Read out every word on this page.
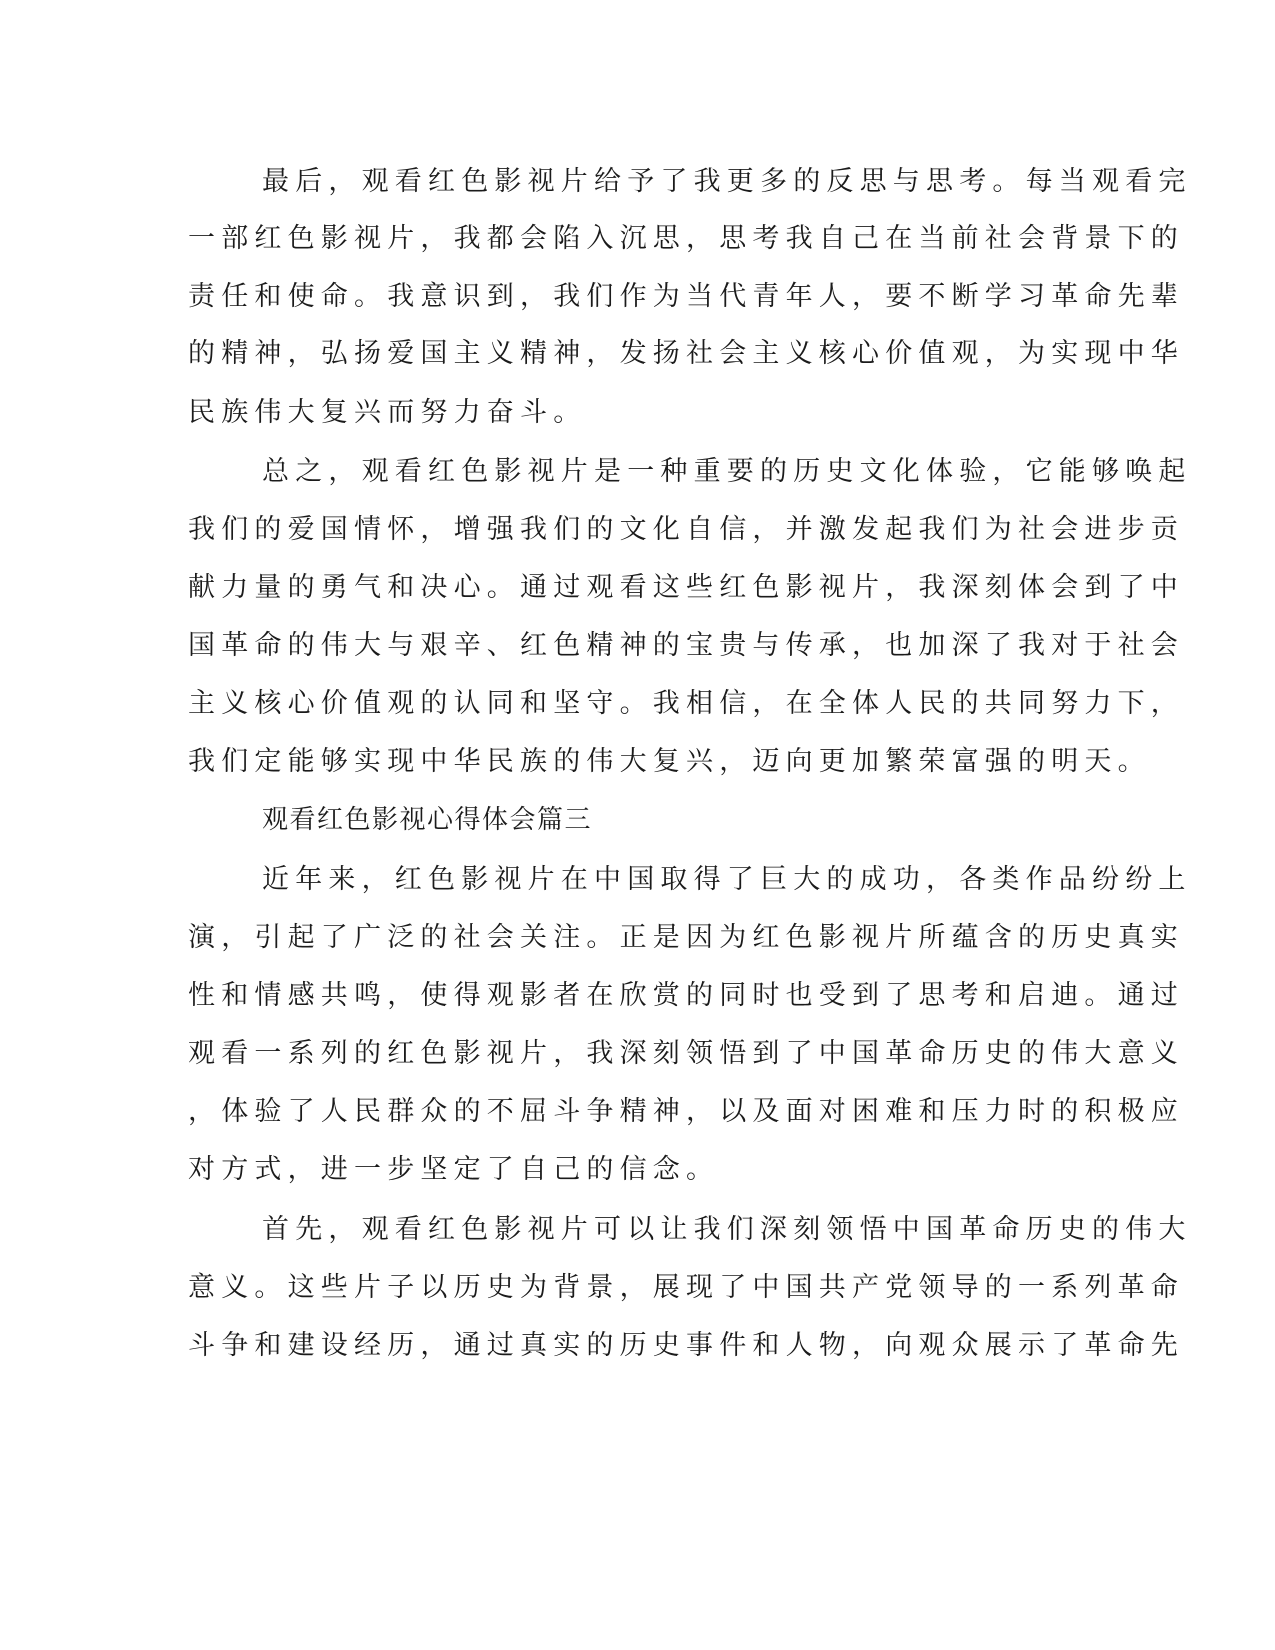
最后，观看红色影视片给予了我更多的反思与思考。每当观看完
一部红色影视片，我都会陷入沉思，思考我自己在当前社会背景下的
责任和使命。我意识到，我们作为当代青年人，要不断学习革命先辈
的精神，弘扬爱国主义精神，发扬社会主义核心价值观，为实现中华
民族伟大复兴而努力奋斗。
总之，观看红色影视片是一种重要的历史文化体验，它能够唤起
我们的爱国情怀，增强我们的文化自信，并激发起我们为社会进步贡
献力量的勇气和决心。通过观看这些红色影视片，我深刻体会到了中
国革命的伟大与艰辛、红色精神的宝贵与传承，也加深了我对于社会
主义核心价值观的认同和坚守。我相信，在全体人民的共同努力下，
我们定能够实现中华民族的伟大复兴，迈向更加繁荣富强的明天。
观看红色影视心得体会篇三
近年来，红色影视片在中国取得了巨大的成功，各类作品纷纷上
演，引起了广泛的社会关注。正是因为红色影视片所蕴含的历史真实
性和情感共鸣，使得观影者在欣赏的同时也受到了思考和启迪。通过
观看一系列的红色影视片，我深刻领悟到了中国革命历史的伟大意义
，体验了人民群众的不屈斗争精神，以及面对困难和压力时的积极应
对方式，进一步坚定了自己的信念。
首先，观看红色影视片可以让我们深刻领悟中国革命历史的伟大
意义。这些片子以历史为背景，展现了中国共产党领导的一系列革命
斗争和建设经历，通过真实的历史事件和人物，向观众展示了革命先
